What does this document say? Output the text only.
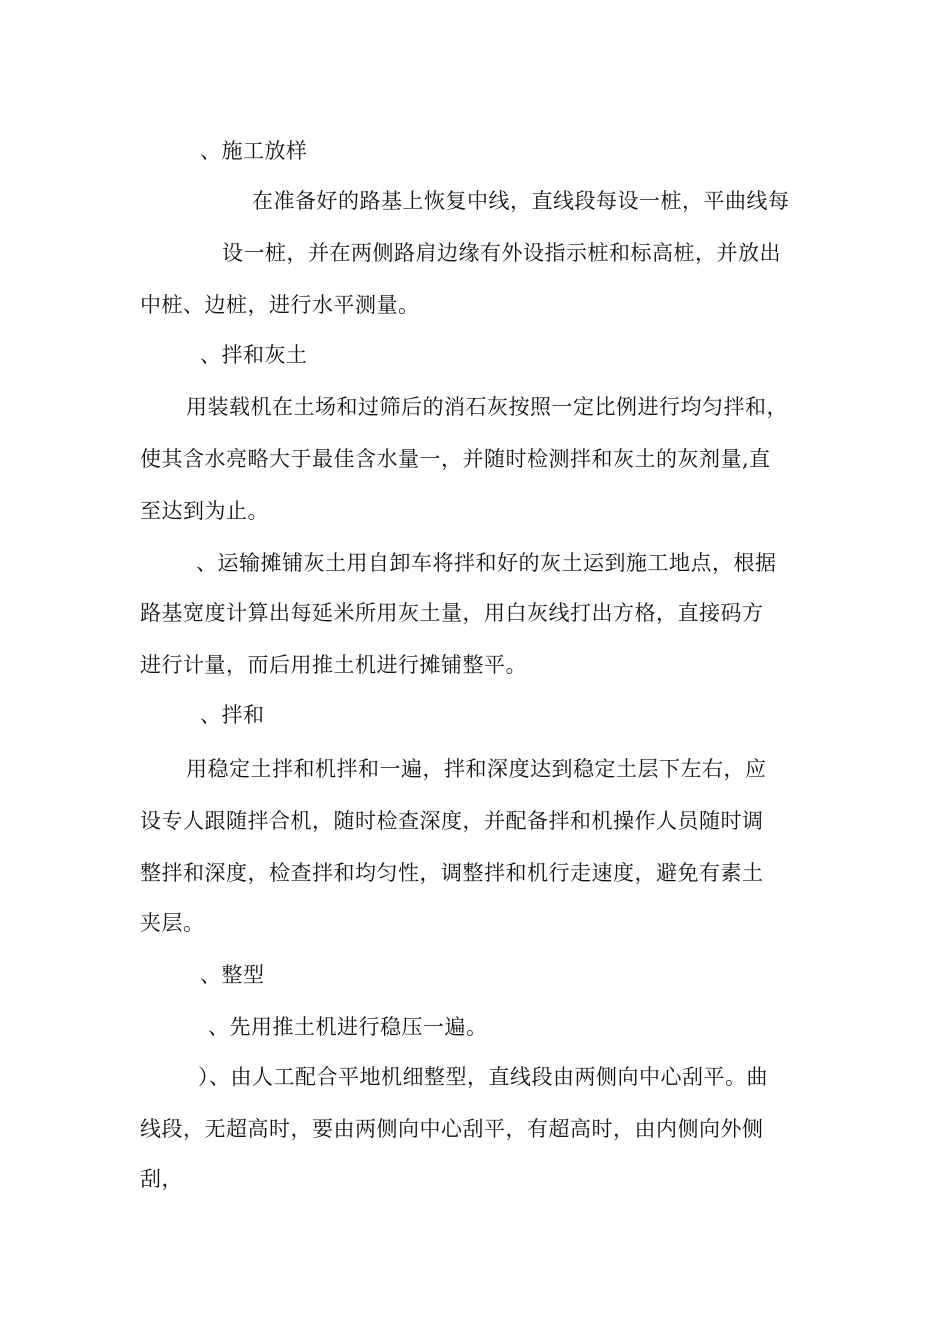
、施工放样
在准备好的路基上恢复中线，直线段每设一桩，平曲线每
设一桩，并在两侧路肩边缘有外设指示桩和标高桩，并放出
中桩、边桩，进行水平测量。
、拌和灰土
用装载机在土场和过筛后的消石灰按照一定比例进行均匀拌和，
使其含水亮略大于最佳含水量一，并随时检测拌和灰土的灰剂量,直
至达到为止。
、运输摊铺灰土用自卸车将拌和好的灰土运到施工地点，根据
路基宽度计算出每延米所用灰土量，用白灰线打出方格，直接码方
进行计量，而后用推土机进行摊铺整平。
、拌和
用稳定土拌和机拌和一遍，拌和深度达到稳定土层下左右，应
设专人跟随拌合机，随时检查深度，并配备拌和机操作人员随时调
整拌和深度，检查拌和均匀性，调整拌和机行走速度，避免有素土
夹层。
、整型
、先用推土机进行稳压一遍。
）、由人工配合平地机细整型，直线段由两侧向中心刮平。曲
线段，无超高时，要由两侧向中心刮平，有超高时，由内侧向外侧
刮，
